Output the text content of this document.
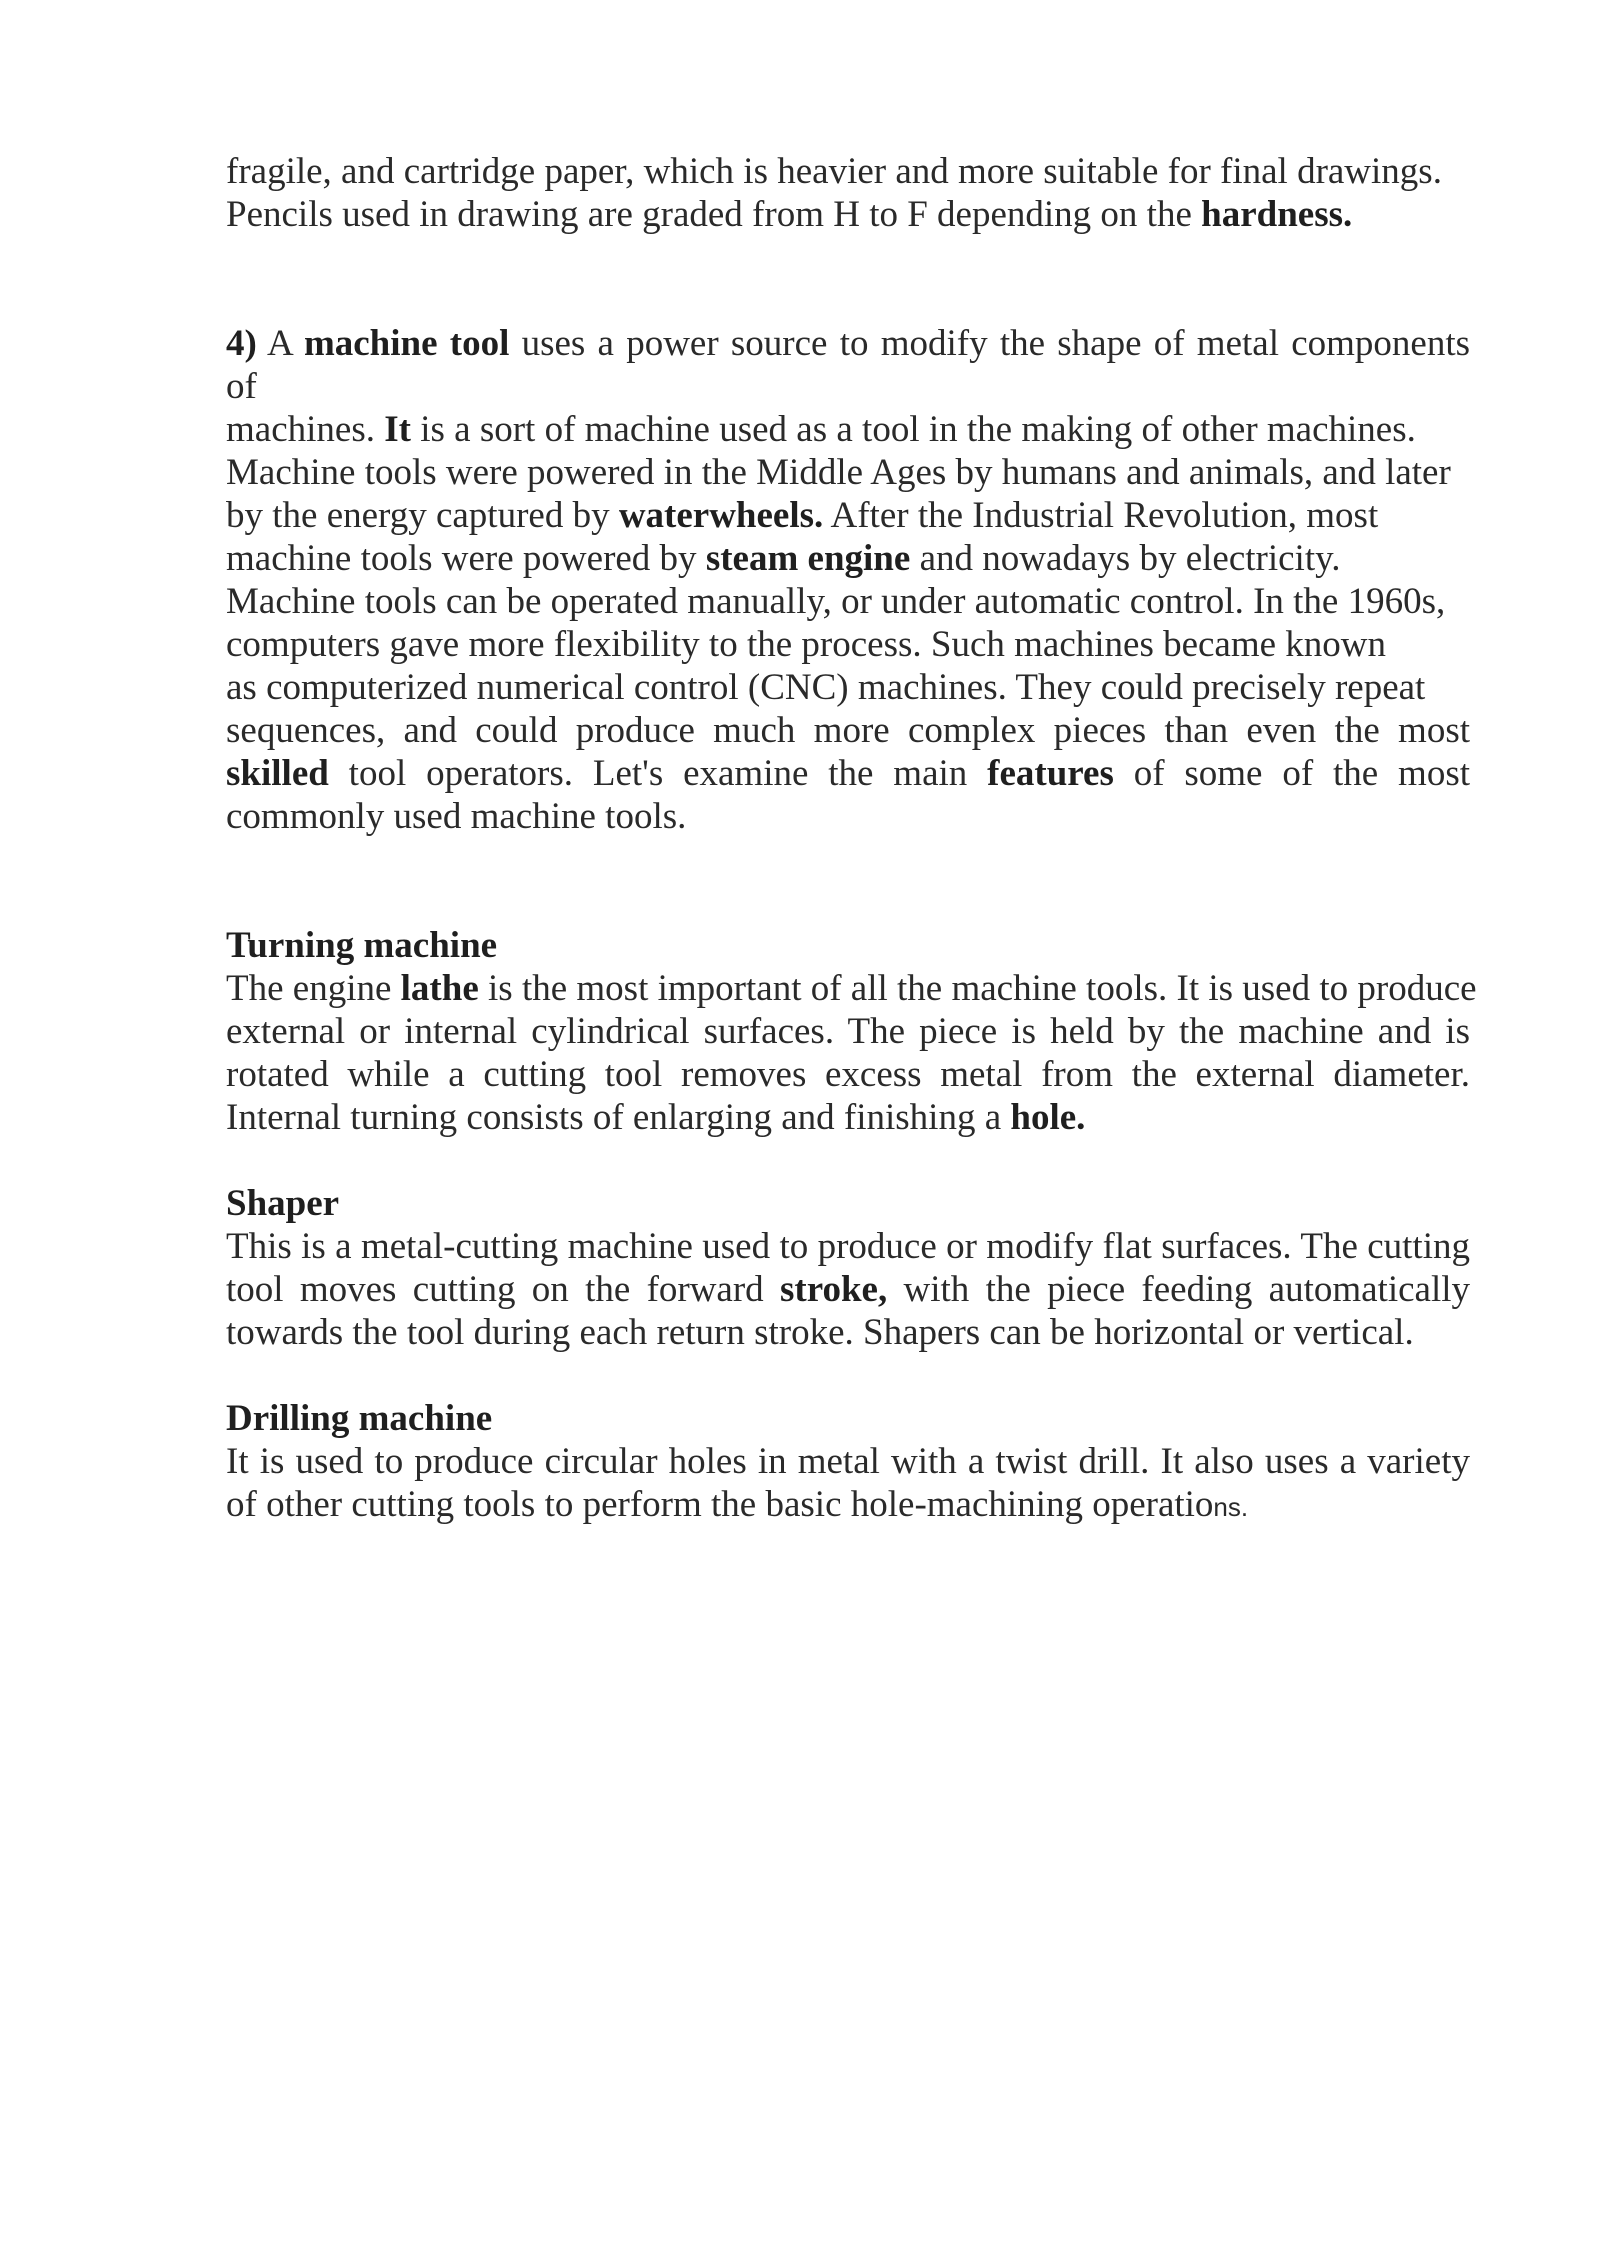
fragile, and cartridge paper, which is heavier and more suitable for final drawings.
Pencils used in drawing are graded from H to F depending on the hardness.
4) A machine tool uses a power source to modify the shape of metal components
of
machines. It is a sort of machine used as a tool in the making of other machines.
Machine tools were powered in the Middle Ages by humans and animals, and later
by the energy captured by waterwheels. After the Industrial Revolution, most
machine tools were powered by steam engine and nowadays by electricity.
Machine tools can be operated manually, or under automatic control. In the 1960s,
computers gave more flexibility to the process. Such machines became known
as computerized numerical control (CNC) machines. They could precisely repeat
sequences, and could produce much more complex pieces than even the most
skilled tool operators. Let's examine the main features of some of the most
commonly used machine tools.
Turning machine
The engine lathe is the most important of all the machine tools. It is used to produce
external or internal cylindrical surfaces. The piece is held by the machine and is
rotated while a cutting tool removes excess metal from the external diameter.
Internal turning consists of enlarging and finishing a hole.
Shaper
This is a metal-cutting machine used to produce or modify flat surfaces. The cutting
tool moves cutting on the forward stroke, with the piece feeding automatically
towards the tool during each return stroke. Shapers can be horizontal or vertical.
Drilling machine
It is used to produce circular holes in metal with a twist drill. It also uses a variety
of other cutting tools to perform the basic hole-machining operations.
